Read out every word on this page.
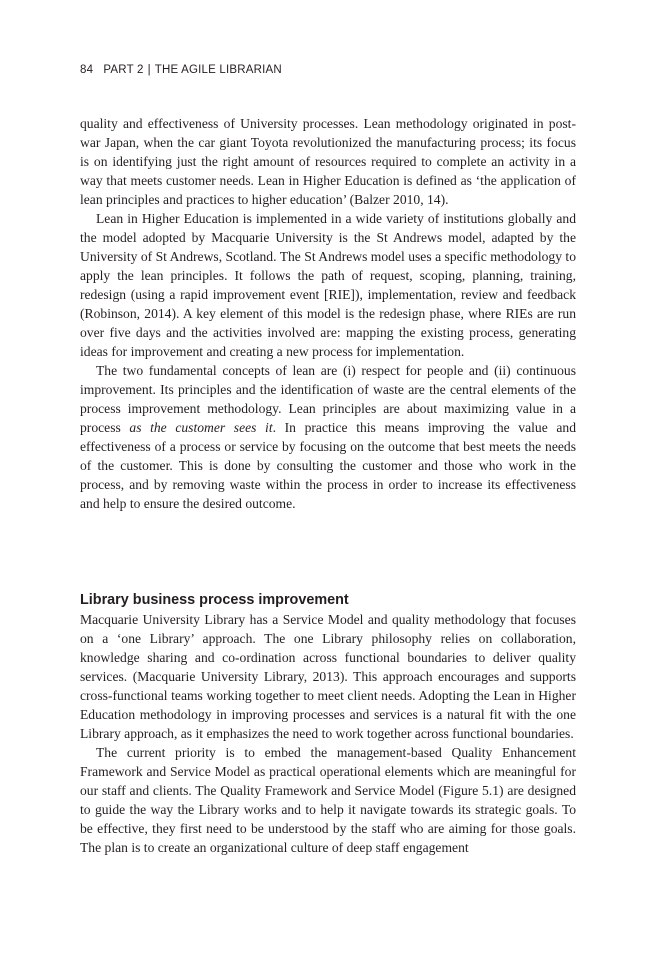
84 PART 2 | THE AGILE LIBRARIAN

quality and effectiveness of University processes. Lean methodology originated in post-war Japan, when the car giant Toyota revolutionized the manufacturing process; its focus is on identifying just the right amount of resources required to complete an activity in a way that meets customer needs. Lean in Higher Education is defined as ‘the application of lean principles and practices to higher education’ (Balzer 2010, 14).

Lean in Higher Education is implemented in a wide variety of institutions globally and the model adopted by Macquarie University is the St Andrews model, adapted by the University of St Andrews, Scotland. The St Andrews model uses a specific methodology to apply the lean principles. It follows the path of request, scoping, planning, training, redesign (using a rapid improvement event [RIE]), implementation, review and feedback (Robinson, 2014). A key element of this model is the redesign phase, where RIEs are run over five days and the activities involved are: mapping the existing process, generating ideas for improvement and creating a new process for implementation.

The two fundamental concepts of lean are (i) respect for people and (ii) continuous improvement. Its principles and the identification of waste are the central elements of the process improvement methodology. Lean principles are about maximizing value in a process as the customer sees it. In practice this means improving the value and effectiveness of a process or service by focusing on the outcome that best meets the needs of the customer. This is done by consulting the customer and those who work in the process, and by removing waste within the process in order to increase its effectiveness and help to ensure the desired outcome.

Library business process improvement

Macquarie University Library has a Service Model and quality methodology that focuses on a ‘one Library’ approach. The one Library philosophy relies on collaboration, knowledge sharing and co-ordination across functional boundaries to deliver quality services. (Macquarie University Library, 2013). This approach encourages and supports cross-functional teams working together to meet client needs. Adopting the Lean in Higher Education methodology in improving processes and services is a natural fit with the one Library approach, as it emphasizes the need to work together across functional boundaries.

The current priority is to embed the management-based Quality Enhancement Framework and Service Model as practical operational elements which are meaningful for our staff and clients. The Quality Framework and Service Model (Figure 5.1) are designed to guide the way the Library works and to help it navigate towards its strategic goals. To be effective, they first need to be understood by the staff who are aiming for those goals. The plan is to create an organizational culture of deep staff engagement
